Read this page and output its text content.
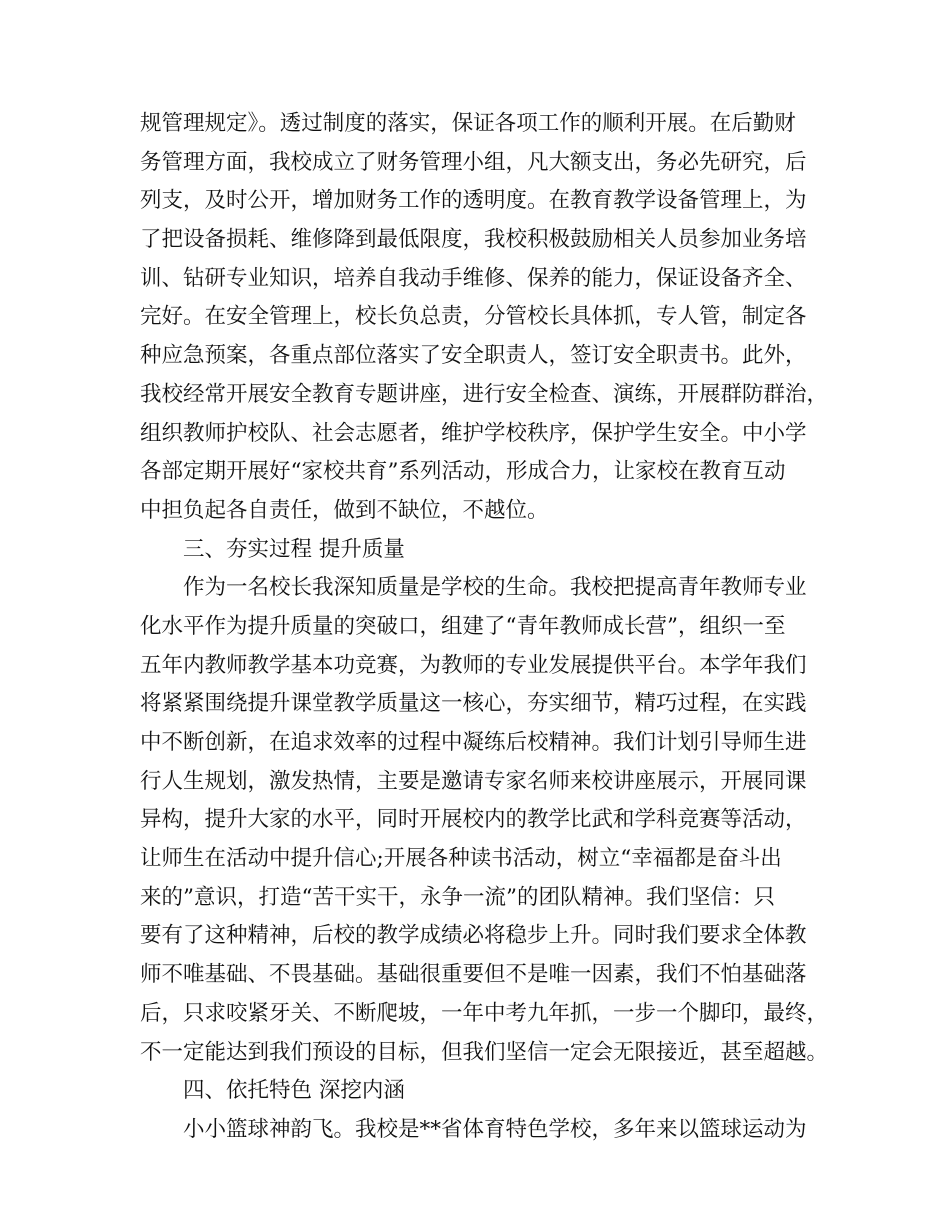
规管理规定》。透过制度的落实，保证各项工作的顺利开展。在后勤财

务管理方面，我校成立了财务管理小组，凡大额支出，务必先研究，后

列支，及时公开，增加财务工作的透明度。在教育教学设备管理上，为

了把设备损耗、维修降到最低限度，我校积极鼓励相关人员参加业务培

训、钻研专业知识，培养自我动手维修、保养的能力，保证设备齐全、

完好。在安全管理上，校长负总责，分管校长具体抓，专人管，制定各

种应急预案，各重点部位落实了安全职责人，签订安全职责书。此外，

我校经常开展安全教育专题讲座，进行安全检查、演练，开展群防群治，

组织教师护校队、社会志愿者，维护学校秩序，保护学生安全。中小学

各部定期开展好“家校共育”系列活动，形成合力，让家校在教育互动

中担负起各自责任，做到不缺位，不越位。

三、夯实过程 提升质量

作为一名校长我深知质量是学校的生命。我校把提高青年教师专业

化水平作为提升质量的突破口，组建了“青年教师成长营”，组织一至

五年内教师教学基本功竞赛，为教师的专业发展提供平台。本学年我们

将紧紧围绕提升课堂教学质量这一核心，夯实细节，精巧过程，在实践

中不断创新，在追求效率的过程中凝练后校精神。我们计划引导师生进

行人生规划，激发热情，主要是邀请专家名师来校讲座展示，开展同课

异构，提升大家的水平，同时开展校内的教学比武和学科竞赛等活动，

让师生在活动中提升信心;开展各种读书活动，树立“幸福都是奋斗出

来的”意识，打造“苦干实干，永争一流”的团队精神。我们坚信：只

要有了这种精神，后校的教学成绩必将稳步上升。同时我们要求全体教

师不唯基础、不畏基础。基础很重要但不是唯一因素，我们不怕基础落

后，只求咬紧牙关、不断爬坡，一年中考九年抓，一步一个脚印，最终，

不一定能达到我们预设的目标，但我们坚信一定会无限接近，甚至超越。

四、依托特色 深挖内涵

小小篮球神韵飞。我校是**省体育特色学校，多年来以篮球运动为
